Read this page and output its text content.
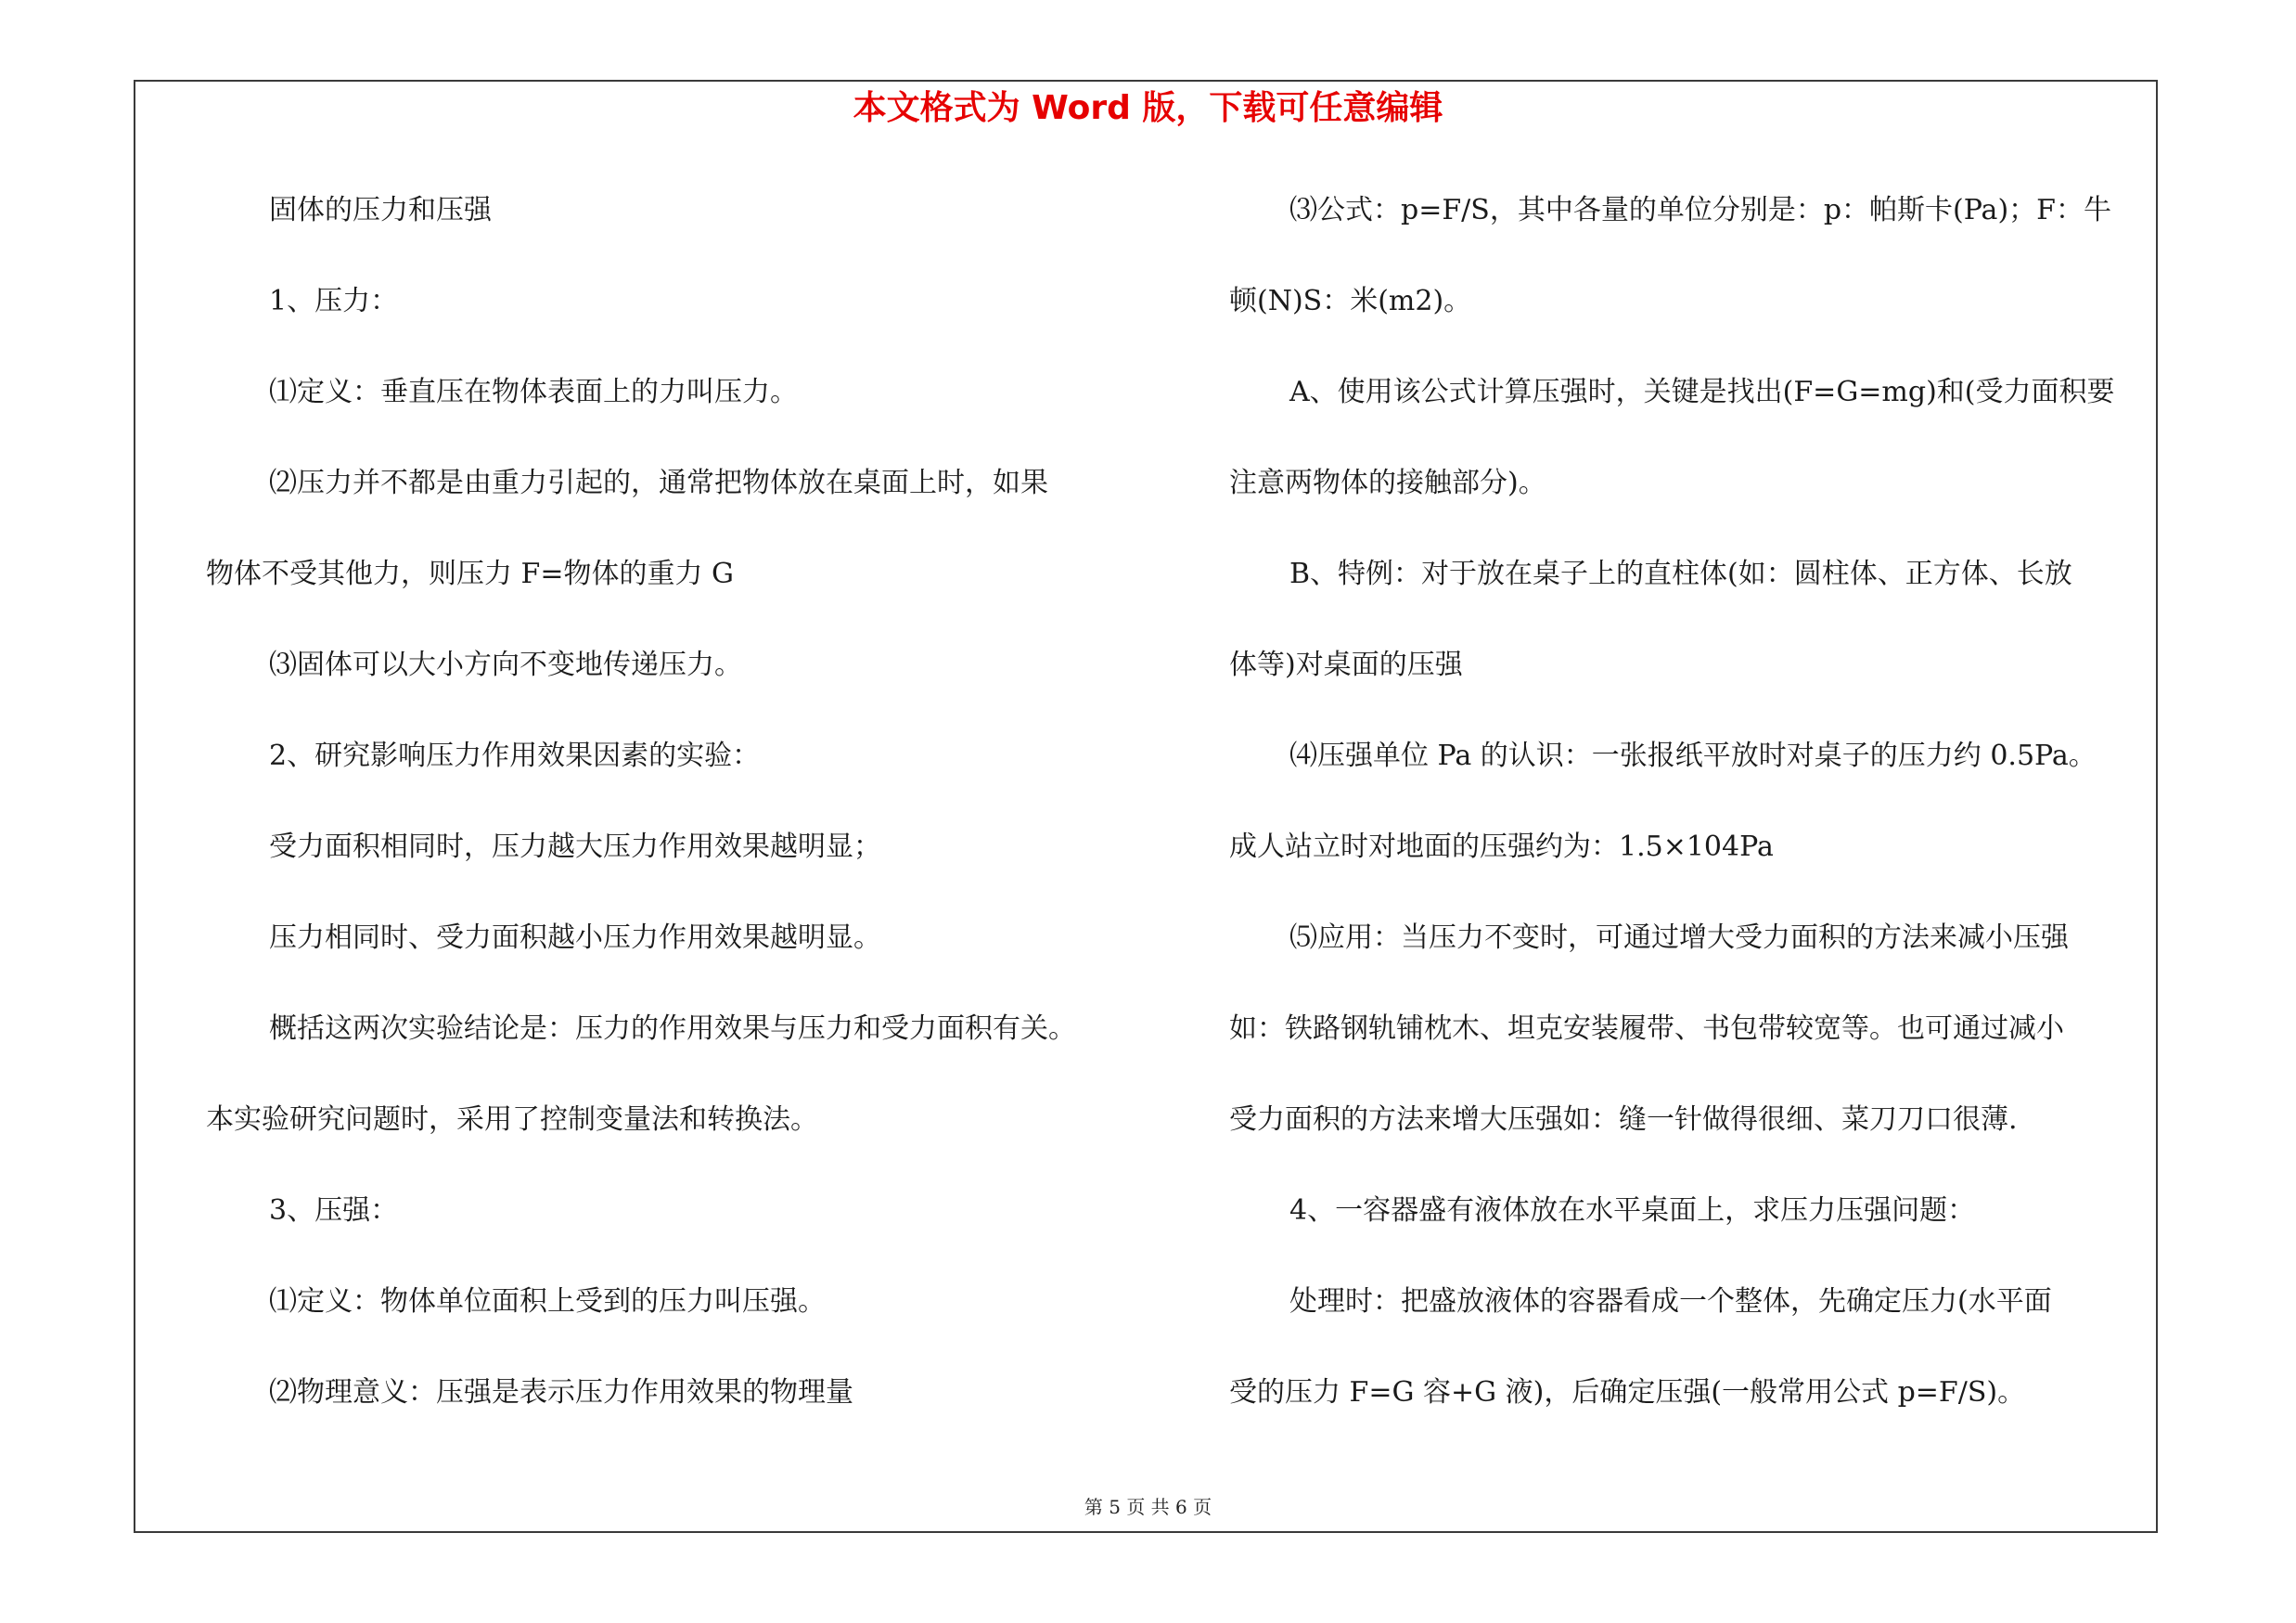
本文格式为 Word 版，下载可任意编辑
固体的压力和压强
1、压力：
⑴定义：垂直压在物体表面上的力叫压力。
⑵压力并不都是由重力引起的，通常把物体放在桌面上时，如果
物体不受其他力，则压力 F=物体的重力 G
⑶固体可以大小方向不变地传递压力。
2、研究影响压力作用效果因素的实验：
受力面积相同时，压力越大压力作用效果越明显；
压力相同时、受力面积越小压力作用效果越明显。
概括这两次实验结论是：压力的作用效果与压力和受力面积有关。
本实验研究问题时，采用了控制变量法和转换法。
3、压强：
⑴定义：物体单位面积上受到的压力叫压强。
⑵物理意义：压强是表示压力作用效果的物理量
⑶公式：p=F/S，其中各量的单位分别是：p：帕斯卡(Pa)；F：牛
顿(N)S：米(m2)。
A、使用该公式计算压强时，关键是找出(F=G=mg)和(受力面积要
注意两物体的接触部分)。
B、特例：对于放在桌子上的直柱体(如：圆柱体、正方体、长放
体等)对桌面的压强
⑷压强单位 Pa 的认识：一张报纸平放时对桌子的压力约 0.5Pa。
成人站立时对地面的压强约为：1.5×104Pa
⑸应用：当压力不变时，可通过增大受力面积的方法来减小压强
如：铁路钢轨铺枕木、坦克安装履带、书包带较宽等。也可通过减小
受力面积的方法来增大压强如：缝一针做得很细、菜刀刀口很薄.
4、一容器盛有液体放在水平桌面上，求压力压强问题：
处理时：把盛放液体的容器看成一个整体，先确定压力(水平面
受的压力 F=G 容+G 液)，后确定压强(一般常用公式 p=F/S)。
第 5 页 共 6 页
